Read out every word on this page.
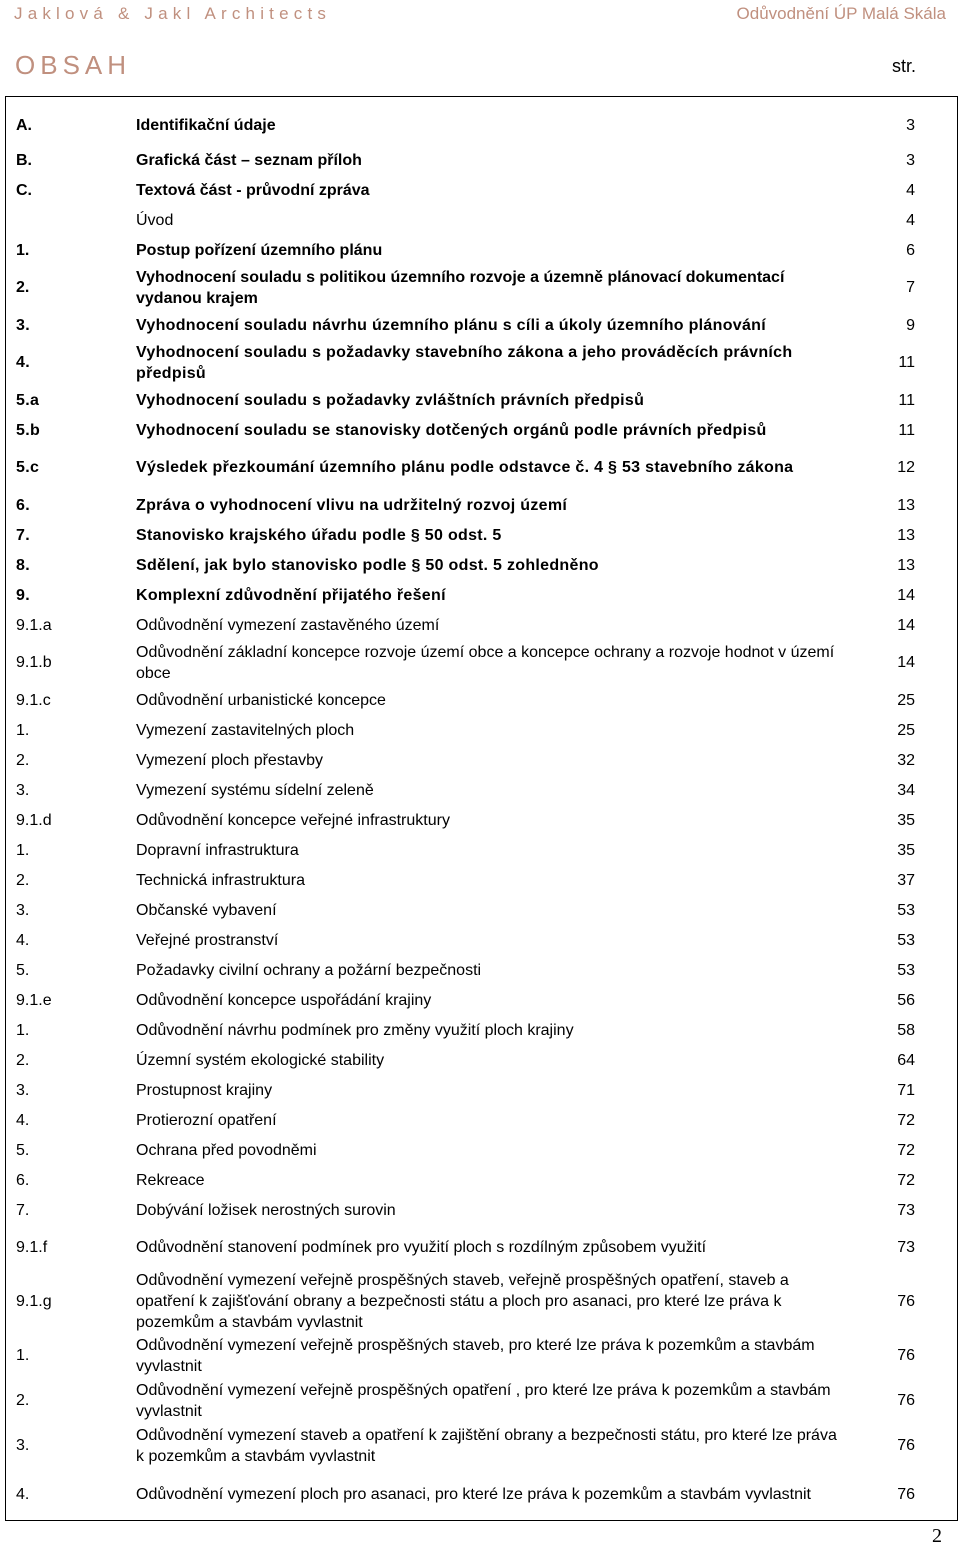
Jaklová & Jakl Architects	Odůvodnění ÚP Malá Skála
OBSAH	str.
A.	Identifikační údaje	3
B.	Grafická část – seznam příloh	3
C.	Textová část - průvodní zpráva	4
	Úvod	4
1.	Postup pořízení územního plánu	6
2.	Vyhodnocení souladu s politikou územního rozvoje a územně plánovací dokumentací vydanou krajem	7
3.	Vyhodnocení souladu návrhu územního plánu s cíli a úkoly územního plánování	9
4.	Vyhodnocení souladu s požadavky stavebního zákona a jeho prováděcích právních předpisů	11
5.a	Vyhodnocení souladu s požadavky zvláštních právních předpisů	11
5.b	Vyhodnocení souladu se stanovisky dotčených orgánů podle právních předpisů	11
5.c	Výsledek přezkoumání územního plánu podle odstavce č. 4 § 53 stavebního zákona	12
6.	Zpráva o vyhodnocení vlivu na udržitelný rozvoj území	13
7.	Stanovisko krajského úřadu podle § 50 odst. 5	13
8.	Sdělení, jak bylo stanovisko podle § 50 odst. 5 zohledněno	13
9.	Komplexní zdůvodnění přijatého řešení	14
9.1.a	Odůvodnění vymezení zastavěného území	14
9.1.b	Odůvodnění základní koncepce rozvoje území obce a koncepce ochrany a rozvoje hodnot v území obce	14
9.1.c	Odůvodnění urbanistické koncepce	25
1.	Vymezení zastavitelných ploch	25
2.	Vymezení ploch přestavby	32
3.	Vymezení systému sídelní zeleně	34
9.1.d	Odůvodnění koncepce veřejné infrastruktury	35
1.	Dopravní infrastruktura	35
2.	Technická infrastruktura	37
3.	Občanské vybavení	53
4.	Veřejné prostranství	53
5.	Požadavky civilní ochrany a požární bezpečnosti	53
9.1.e	Odůvodnění koncepce uspořádání krajiny	56
1.	Odůvodnění návrhu podmínek pro změny využití ploch krajiny	58
2.	Územní systém ekologické stability	64
3.	Prostupnost krajiny	71
4.	Protierozní opatření	72
5.	Ochrana před povodněmi	72
6.	Rekreace	72
7.	Dobývání ložisek nerostných surovin	73
9.1.f	Odůvodnění stanovení podmínek pro využití ploch s rozdílným způsobem využití	73
9.1.g	Odůvodnění vymezení veřejně prospěšných staveb, veřejně prospěšných opatření, staveb a opatření k zajišťování obrany a bezpečnosti státu a ploch pro asanaci, pro které lze práva k pozemkům a stavbám vyvlastnit	76
1.	Odůvodnění vymezení veřejně prospěšných staveb, pro které lze práva k pozemkům a stavbám vyvlastnit	76
2.	Odůvodnění vymezení veřejně prospěšných opatření , pro které lze práva k pozemkům a stavbám vyvlastnit	76
3.	Odůvodnění vymezení staveb a opatření k zajištění obrany a bezpečnosti státu, pro které lze práva k pozemkům a stavbám vyvlastnit	76
4.	Odůvodnění vymezení ploch pro asanaci, pro které lze práva k pozemkům a stavbám vyvlastnit	76
2
